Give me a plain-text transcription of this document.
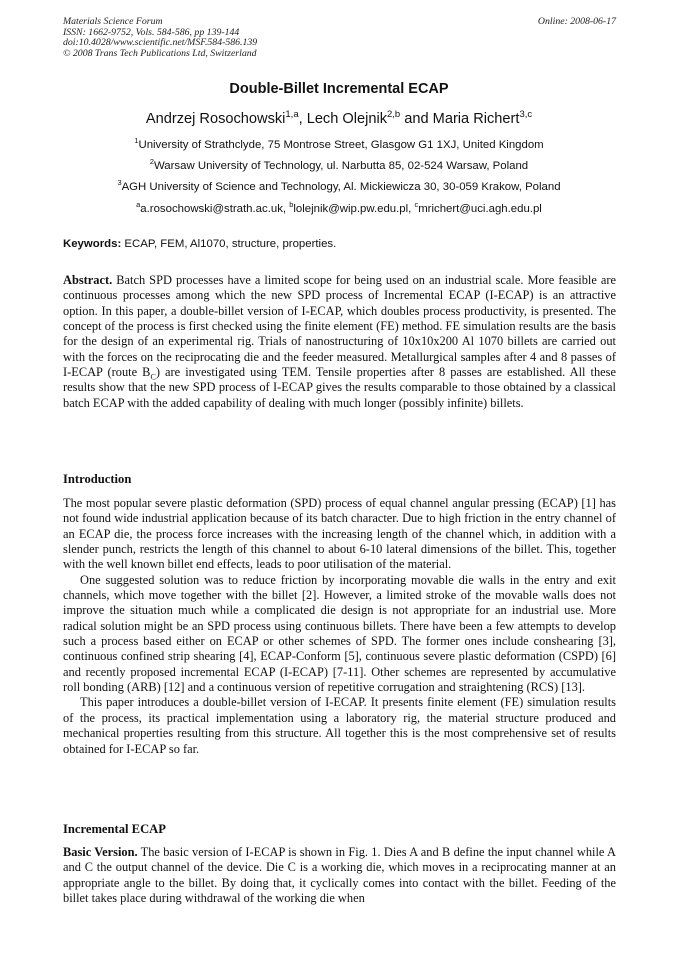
Materials Science Forum
ISSN: 1662-9752, Vols. 584-586, pp 139-144
doi:10.4028/www.scientific.net/MSF.584-586.139
© 2008 Trans Tech Publications Ltd, Switzerland
Online: 2008-06-17
Double-Billet Incremental ECAP
Andrzej Rosochowski$^{1,a}$, Lech Olejnik$^{2,b}$ and Maria Richert$^{3,c}$
$^1$University of Strathclyde, 75 Montrose Street, Glasgow G1 1XJ, United Kingdom
$^2$Warsaw University of Technology, ul. Narbutta 85, 02-524 Warsaw, Poland
$^3$AGH University of Science and Technology, Al. Mickiewicza 30, 30-059 Krakow, Poland
$^a$a.rosochowski@strath.ac.uk, $^b$lolejnik@wip.pw.edu.pl, $^c$mrichert@uci.agh.edu.pl
Keywords: ECAP, FEM, Al1070, structure, properties.

Abstract. Batch SPD processes have a limited scope for being used on an industrial scale. More feasible are continuous processes among which the new SPD process of Incremental ECAP (I-ECAP) is an attractive option. In this paper, a double-billet version of I-ECAP, which doubles process productivity, is presented. The concept of the process is first checked using the finite element (FE) method. FE simulation results are the basis for the design of an experimental rig. Trials of nanostructuring of 10x10x200 Al 1070 billets are carried out with the forces on the reciprocating die and the feeder measured. Metallurgical samples after 4 and 8 passes of I-ECAP (route $B_C$) are investigated using TEM. Tensile properties after 8 passes are established. All these results show that the new SPD process of I-ECAP gives the results comparable to those obtained by a classical batch ECAP with the added capability of dealing with much longer (possibly infinite) billets.

Introduction

The most popular severe plastic deformation (SPD) process of equal channel angular pressing (ECAP) [1] has not found wide industrial application because of its batch character. Due to high friction in the entry channel of an ECAP die, the process force increases with the increasing length of the channel which, in addition with a slender punch, restricts the length of this channel to about 6-10 lateral dimensions of the billet. This, together with the well known billet end effects, leads to poor utilisation of the material.

One suggested solution was to reduce friction by incorporating movable die walls in the entry and exit channels, which move together with the billet [2]. However, a limited stroke of the movable walls does not improve the situation much while a complicated die design is not appropriate for an industrial use. More radical solution might be an SPD process using continuous billets. There have been a few attempts to develop such a process based either on ECAP or other schemes of SPD. The former ones include conshearing [3], continuous confined strip shearing [4], ECAP-Conform [5], continuous severe plastic deformation (CSPD) [6] and recently proposed incremental ECAP (I-ECAP) [7-11]. Other schemes are represented by accumulative roll bonding (ARB) [12] and a continuous version of repetitive corrugation and straightening (RCS) [13].

This paper introduces a double-billet version of I-ECAP. It presents finite element (FE) simulation results of the process, its practical implementation using a laboratory rig, the material structure produced and mechanical properties resulting from this structure. All together this is the most comprehensive set of results obtained for I-ECAP so far.

Incremental ECAP

Basic Version. The basic version of I-ECAP is shown in Fig. 1. Dies A and B define the input channel while A and C the output channel of the device. Die C is a working die, which moves in a reciprocating manner at an appropriate angle to the billet. By doing that, it cyclically comes into contact with the billet. Feeding of the billet takes place during withdrawal of the working die when
